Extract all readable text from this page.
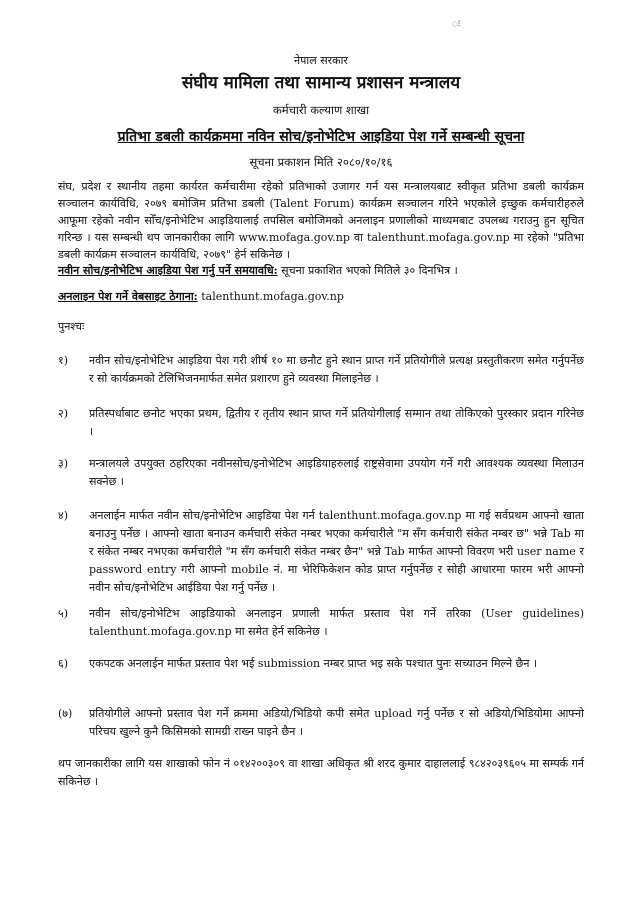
ः
नेपाल सरकार
संघीय मामिला तथा सामान्य प्रशासन मन्त्रालय
कर्मचारी कल्याण शाखा
प्रतिभा डबली कार्यक्रममा नविन सोच/इनोभेटिभ आइडिया पेश गर्ने सम्बन्धी सूचना
सूचना प्रकाशन मिति २०८०/१०/१६
संघ, प्रदेश र स्थानीय तहमा कार्यरत कर्मचारीमा रहेको प्रतिभाको उजागर गर्न यस मन्त्रालयबाट स्वीकृत प्रतिभा डबली कार्यक्रम सञ्चालन कार्यविधि, २०७९ बमोजिम प्रतिभा डबली (Talent Forum) कार्यक्रम सञ्चालन गरिने भएकोले इच्छुक कर्मचारीहरुले आफूमा रहेको नवीन सोँच/इनोभेटिभ आइडियालाई तपसिल बमोजिमको अनलाइन प्रणालीको माध्यमबाट उपलब्ध गराउनु हुन सूचित गरिन्छ । यस सम्बन्धी थप जानकारीका लागि www.mofaga.gov.np वा talenthunt.mofaga.gov.np मा रहेको "प्रतिभा डबली कार्यक्रम सञ्चालन कार्यविधि, २०७९" हेर्न सकिनेछ ।
नवीन सोच/इनोभेटिभ आइडिया पेश गर्नु पर्ने समयावधि: सूचना प्रकाशित भएको मितिले ३० दिनभित्र ।
अनलाइन पेश गर्ने वेबसाइट ठेगाना: talenthunt.mofaga.gov.np
पुनश्चः
१)	नवीन सोच/इनोभेटिभ आइडिया पेश गरी शीर्ष १० मा छनौट हुने स्थान प्राप्त गर्ने प्रतियोगीले प्रत्यक्ष प्रस्तुतीकरण समेत गर्नुपर्नेछ र सो कार्यक्रमको टेलिभिजनमार्फत समेत प्रशारण हुने व्यवस्था मिलाइनेछ ।
२)	प्रतिस्पर्धाबाट छनोट भएका प्रथम, द्वितीय र तृतीय स्थान प्राप्त गर्ने प्रतियोगीलाई सम्मान तथा तोकिएको पुरस्कार प्रदान गरिनेछ ।
३)	मन्त्रालयले उपयुक्त ठहरिएका नवीनसोच/इनोभेटिभ आइडियाहरुलाई राष्ट्रसेवामा उपयोग गर्ने गरी आवश्यक व्यवस्था मिलाउन सक्नेछ ।
४)	अनलाईन मार्फत नवीन सोच/इनोभेटिभ आइडिया पेश गर्न talenthunt.mofaga.gov.np मा गई सर्वप्रथम आफ्नो खाता बनाउनु पर्नेछ । आफ्नो खाता बनाउन कर्मचारी संकेत नम्बर भएका कर्मचारीले "म सँग कर्मचारी संकेत नम्बर छ" भन्ने Tab मा र संकेत नम्बर नभएका कर्मचारीले "म सँग कर्मचारी संकेत नम्बर छैन" भन्ने Tab मार्फत आफ्नो विवरण भरी user name र password entry गरी आफ्नो mobile नं. मा भेरिफिकेशन कोड प्राप्त गर्नुपर्नेछ र सोही आधारमा फारम भरी आफ्नो नवीन सोच/इनोभेटिभ आईडिया पेश गर्नु पर्नेछ ।
५)	नवीन सोच/इनोभेटिभ आइडियाको अनलाइन प्रणाली मार्फत प्रस्ताव पेश गर्ने तरिका (User guidelines) talenthunt.mofaga.gov.np मा समेत हेर्न सकिनेछ ।
६)	एकपटक अनलाईन मार्फत प्रस्ताव पेश भई submission नम्बर प्राप्त भइ सके पश्चात पुनः सच्याउन मिल्ने छैन ।
(७)	प्रतियोगीले आफ्नो प्रस्ताव पेश गर्ने क्रममा अडियो/भिडियो कपी समेत upload गर्नु पर्नेछ र सो अडियो/भिडियोमा आफ्नो परिचय खुल्ने कुनै किसिमको सामग्री राख्न पाइने छैन ।
थप जानकारीका लागि यस शाखाको फोन नं ०१४२००३०९ वा शाखा अधिकृत श्री शरद कुमार दाहाललाई ९८४२०३९६०५ मा सम्पर्क गर्न सकिनेछ ।
